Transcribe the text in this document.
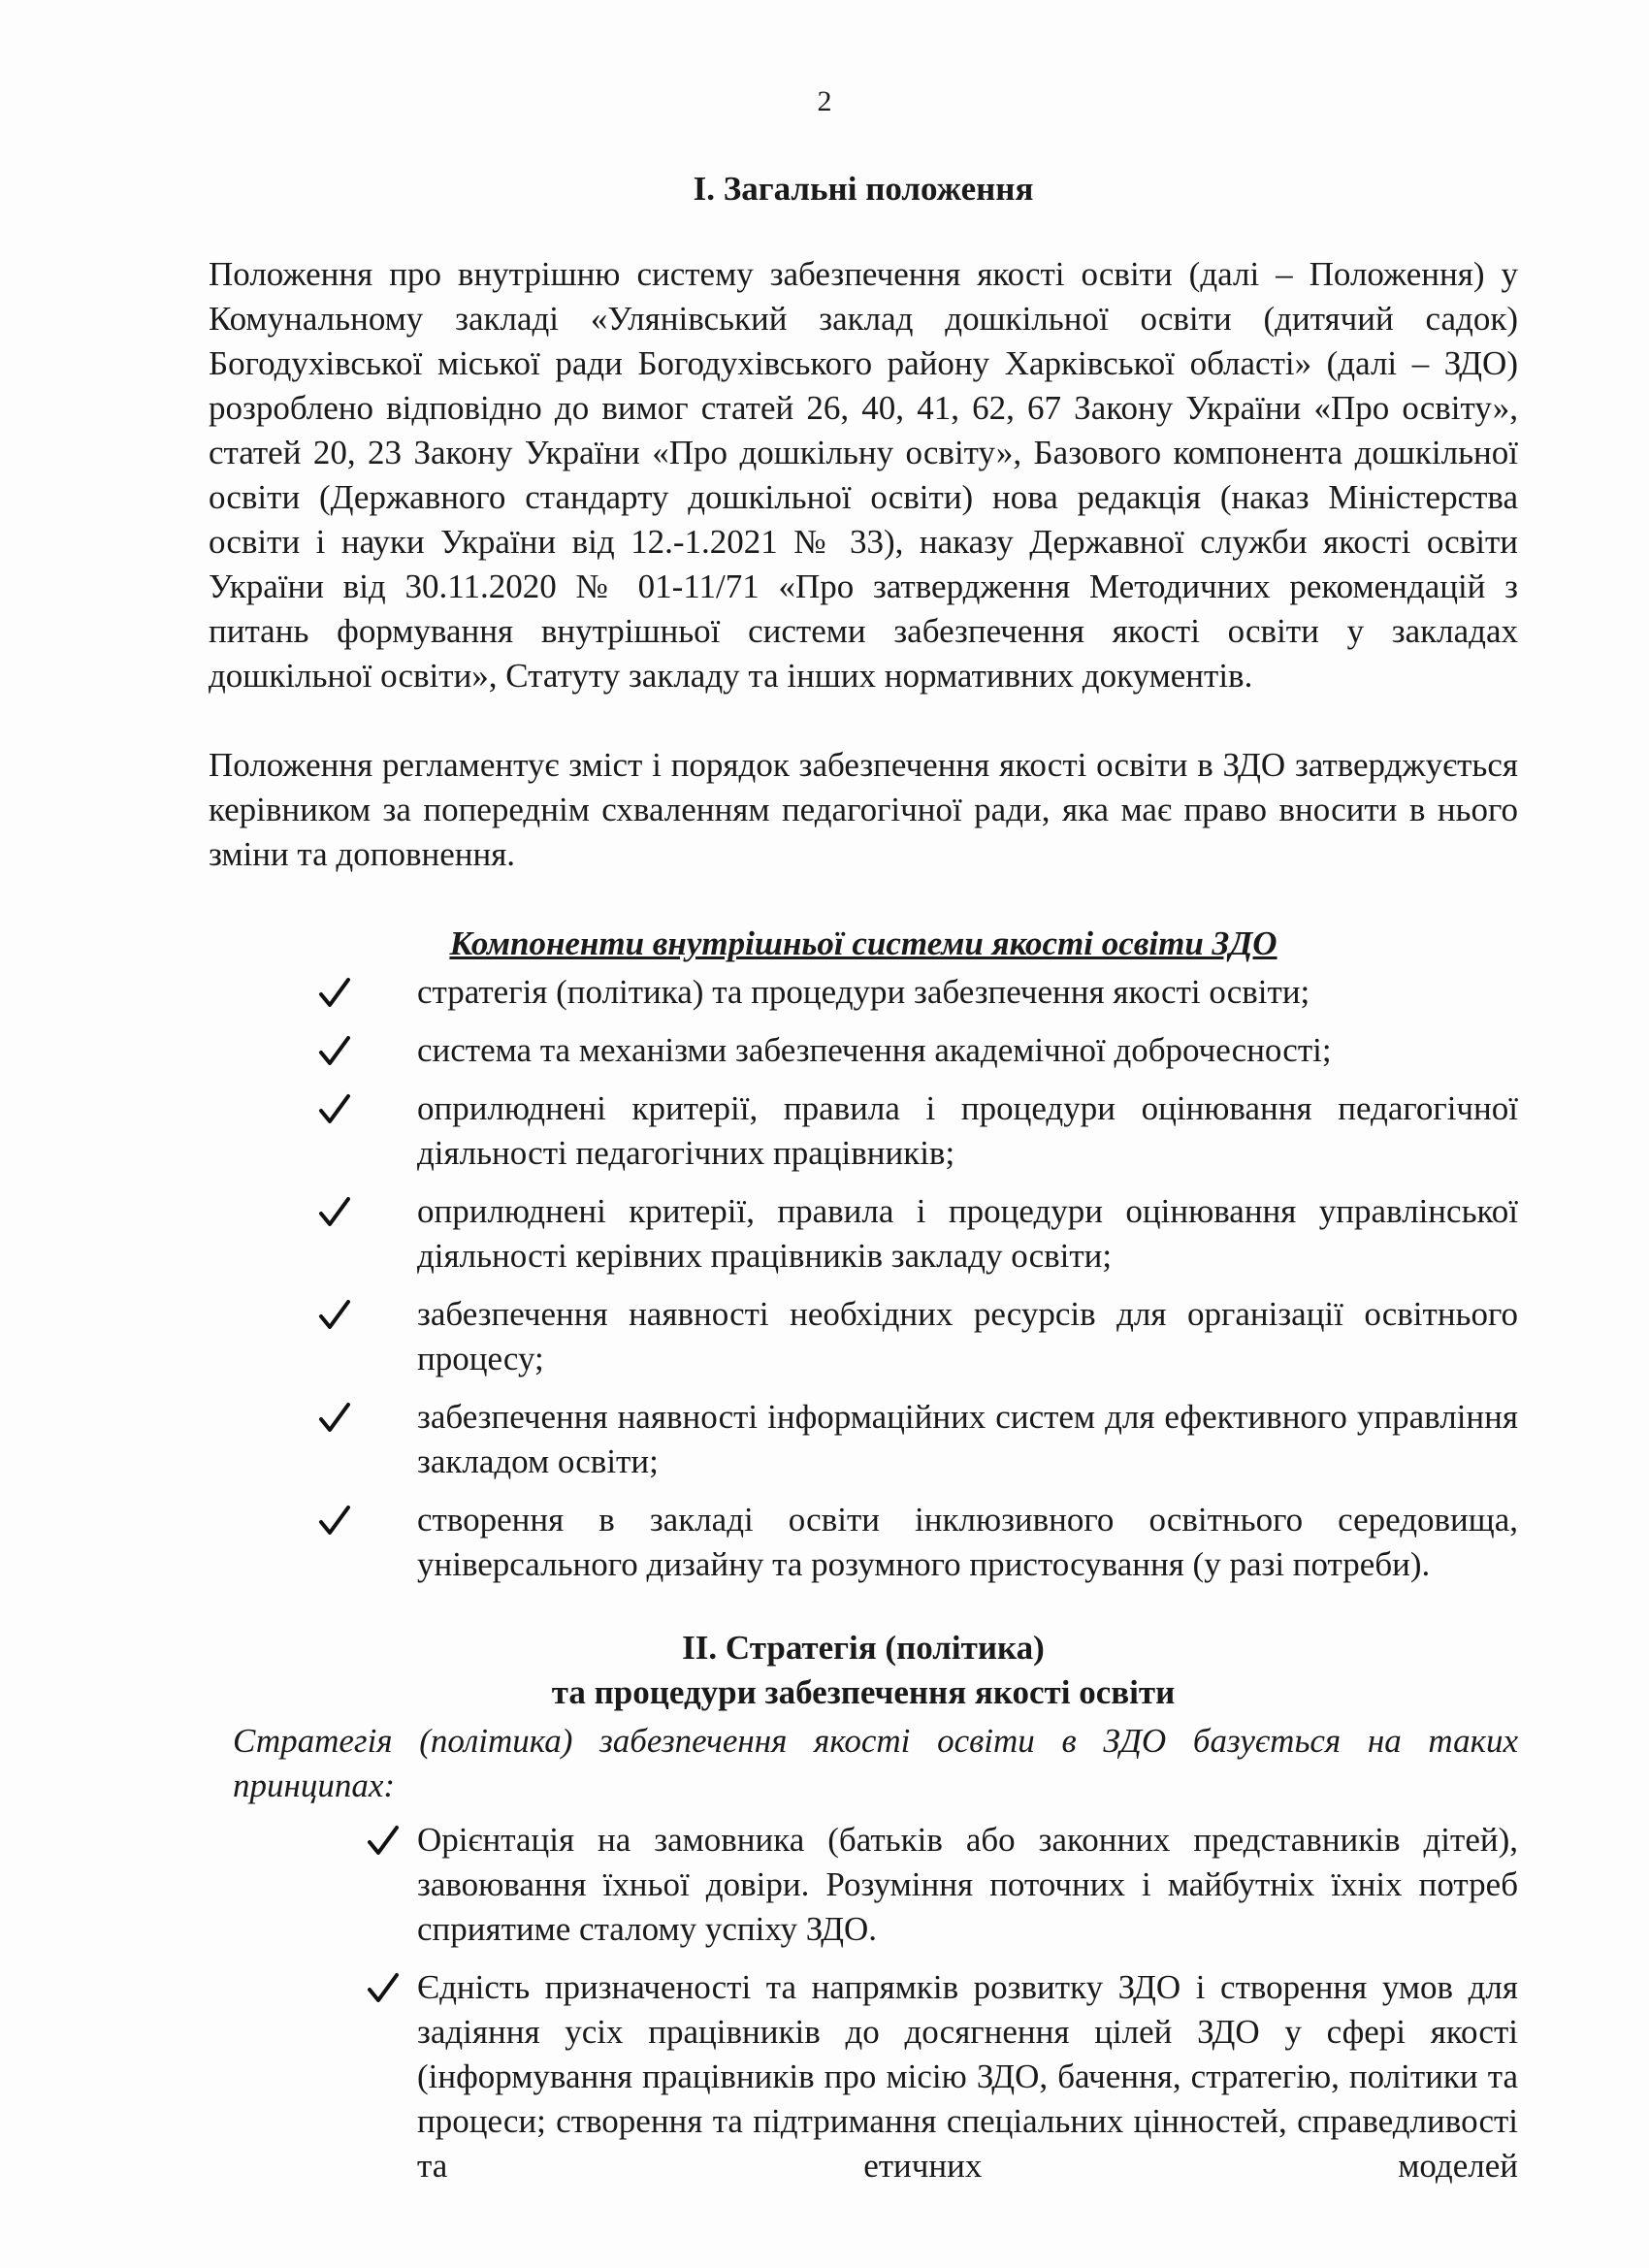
2
I. Загальні положення

Положення про внутрішню систему забезпечення якості освіти (далі – Положення) у Комунальному закладі «Улянівський заклад дошкільної освіти (дитячий садок) Богодухівської міської ради Богодухівського району Харківської області» (далі – ЗДО) розроблено відповідно до вимог статей 26, 40, 41, 62, 67 Закону України «Про освіту», статей 20, 23 Закону України «Про дошкільну освіту», Базового компонента дошкільної освіти (Державного стандарту дошкільної освіти) нова редакція (наказ Міністерства освіти і науки України від 12.-1.2021 № 33), наказу Державної служби якості освіти України від 30.11.2020 № 01-11/71 «Про затвердження Методичних рекомендацій з питань формування внутрішньої системи забезпечення якості освіти у закладах дошкільної освіти», Статуту закладу та інших нормативних документів.

Положення регламентує зміст і порядок забезпечення якості освіти в ЗДО затверджується керівником за попереднім схваленням педагогічної ради, яка має право вносити в нього зміни та доповнення.

Компоненти внутрішньої системи якості освіти ЗДО
стратегія (політика) та процедури забезпечення якості освіти;
система та механізми забезпечення академічної доброчесності;
оприлюднені критерії, правила і процедури оцінювання педагогічної діяльності педагогічних працівників;
оприлюднені критерії, правила і процедури оцінювання управлінської діяльності керівних працівників закладу освіти;
забезпечення наявності необхідних ресурсів для організації освітнього процесу;
забезпечення наявності інформаційних систем для ефективного управління закладом освіти;
створення в закладі освіти інклюзивного освітнього середовища, універсального дизайну та розумного пристосування (у разі потреби).
II. Стратегія (політика)
та процедури забезпечення якості освіти

Стратегія (політика) забезпечення якості освіти в ЗДО базується на таких принципах:

Орієнтація на замовника (батьків або законних представників дітей), завоювання їхньої довіри. Розуміння поточних і майбутніх їхніх потреб сприятиме сталому успіху ЗДО.
Єдність призначеності та напрямків розвитку ЗДО і створення умов для задіяння усіх працівників до досягнення цілей ЗДО у сфері якості (інформування працівників про місію ЗДО, бачення, стратегію, політики та процеси; створення та підтримання спеціальних цінностей, справедливості та етичних моделей
